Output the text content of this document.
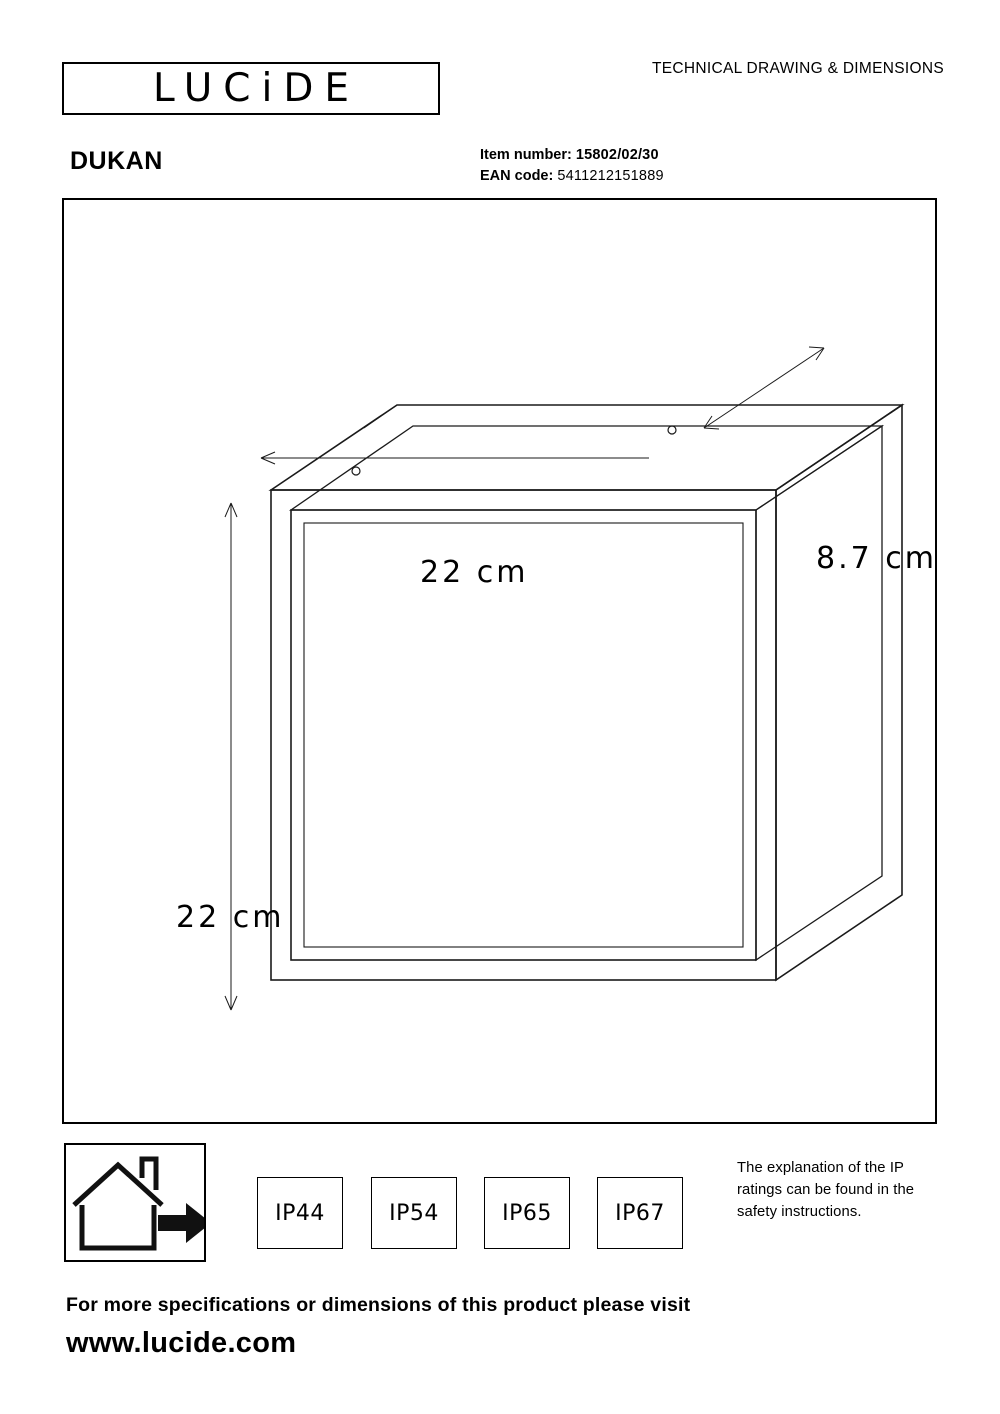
LUCiDE	TECHNICAL DRAWING & DIMENSIONS
DUKAN	Item number: 15802/02/30
EAN code: 5411212151889
22 cm	8.7 cm
22 cm
IP44	IP54	IP65	IP67
The explanation of the IP ratings can be found in the safety instructions.
For more specifications or dimensions of this product please visit
www.lucide.com
